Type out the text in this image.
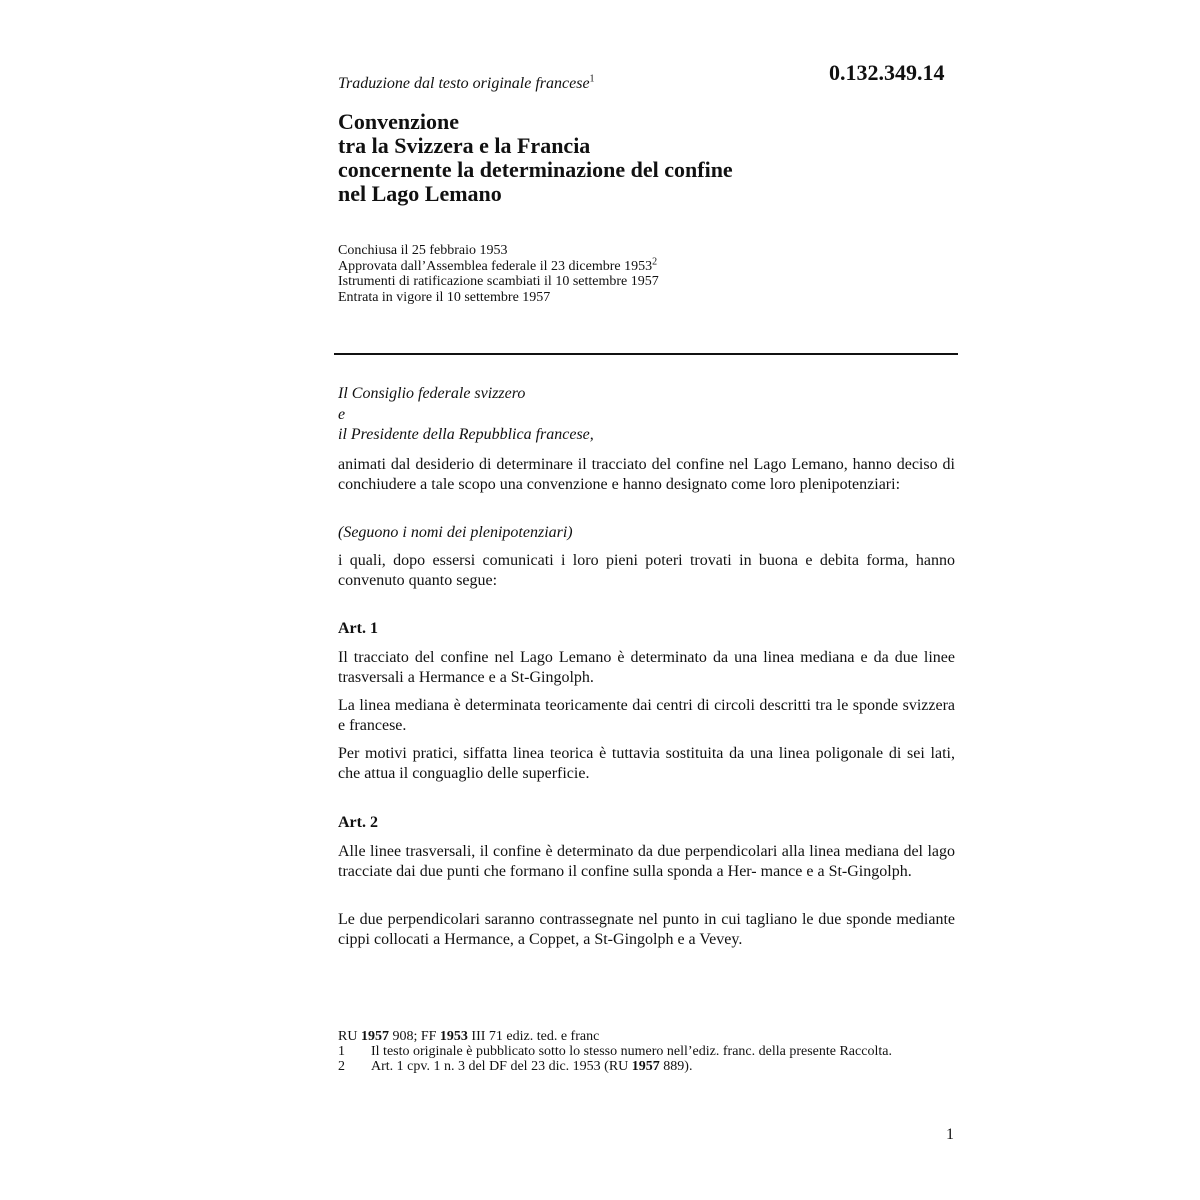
0.132.349.14
Traduzione dal testo originale francese$^1$
Convenzione
tra la Svizzera e la Francia
concernente la determinazione del confine
nel Lago Lemano
Conchiusa il 25 febbraio 1953
Approvata dall’Assemblea federale il 23 dicembre 1953$^2$
Istrumenti di ratificazione scambiati il 10 settembre 1957
Entrata in vigore il 10 settembre 1957
Il Consiglio federale svizzero
e
il Presidente della Repubblica francese,
animati dal desiderio di determinare il tracciato del confine nel Lago Lemano, hanno deciso di conchiudere a tale scopo una convenzione e hanno designato come loro plenipotenziari:
(Seguono i nomi dei plenipotenziari)
i quali, dopo essersi comunicati i loro pieni poteri trovati in buona e debita forma, hanno convenuto quanto segue:
Art. 1
Il tracciato del confine nel Lago Lemano è determinato da una linea mediana e da due linee trasversali a Hermance e a St-Gingolph.
La linea mediana è determinata teoricamente dai centri di circoli descritti tra le sponde svizzera e francese.
Per motivi pratici, siffatta linea teorica è tuttavia sostituita da una linea poligonale di sei lati, che attua il conguaglio delle superficie.
Art. 2
Alle linee trasversali, il confine è determinato da due perpendicolari alla linea mediana del lago tracciate dai due punti che formano il confine sulla sponda a Her- mance e a St-Gingolph.
Le due perpendicolari saranno contrassegnate nel punto in cui tagliano le due sponde mediante cippi collocati a Hermance, a Coppet, a St-Gingolph e a Vevey.
RU 1957 908; FF 1953 III 71 ediz. ted. e franc
1	Il testo originale è pubblicato sotto lo stesso numero nell’ediz. franc. della presente Raccolta.
2	Art. 1 cpv. 1 n. 3 del DF del 23 dic. 1953 (RU 1957 889).
1
